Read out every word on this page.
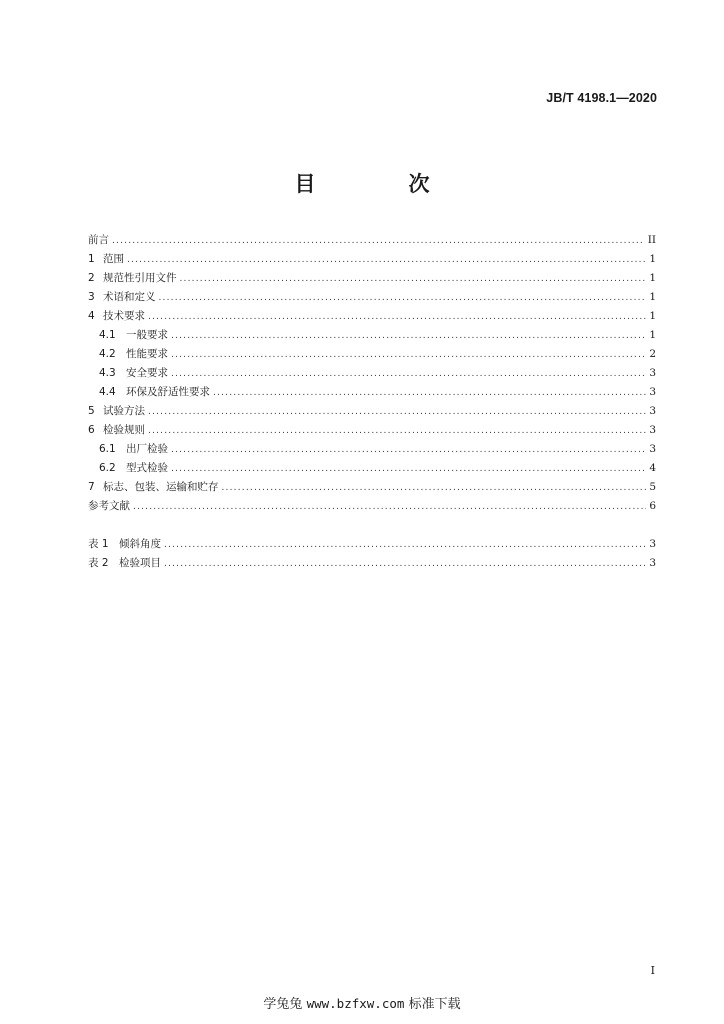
JB/T 4198.1—2020
目　次
前言 .....	II
1 范围 .....	1
2 规范性引用文件 .....	1
3 术语和定义 .....	1
4 技术要求 .....	1
4.1 一般要求 .....	1
4.2 性能要求 .....	2
4.3 安全要求 .....	3
4.4 环保及舒适性要求 .....	3
5 试验方法 .....	3
6 检验规则 .....	3
6.1 出厂检验 .....	3
6.2 型式检验 .....	4
7 标志、包装、运输和贮存 .....	5
参考文献 .....	6
表 1 倾斜角度 .....	3
表 2 检验项目 .....	3
I
学兔兔 www.bzfxw.com 标准下载
